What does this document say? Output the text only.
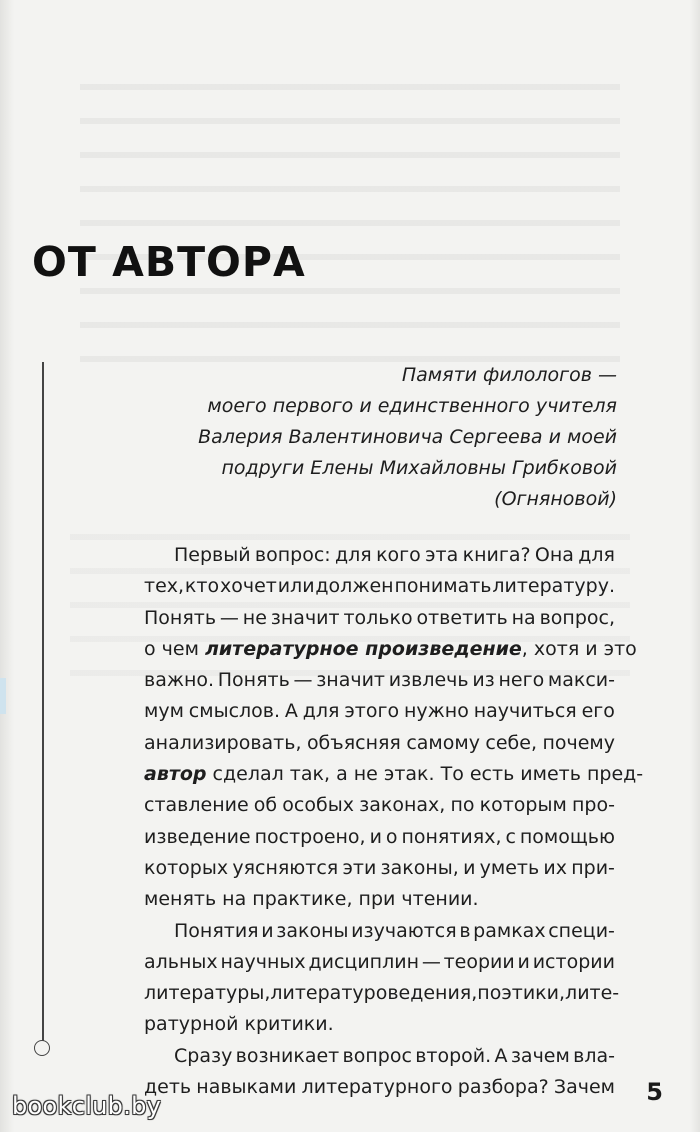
ОТ АВТОРА
Памяти филологов —
моего первого и единственного учителя
Валерия Валентиновича Сергеева и моей
подруги Елены Михайловны Грибковой
(Огняновой)
Первый вопрос: для кого эта книга? Она для
тех, кто хочет или должен понимать литературу.
Понять — не значит только ответить на вопрос,
о чем литературное произведение , хотя и это
важно. Понять — значит извлечь из него макси-
мум смыслов. А для этого нужно научиться его
анализировать, объясняя самому себе, почему
автор сделал так, а не этак. То есть иметь пред-
ставление об особых законах, по которым про-
изведение построено, и о понятиях, с помощью
которых уясняются эти законы, и уметь их при-
менять на практике, при чтении.
Понятия и законы изучаются в рамках специ-
альных научных дисциплин — теории и истории
литературы, литературоведения, поэтики, лите-
ратурной критики.
Сразу возникает вопрос второй. А зачем вла-
деть навыками литературного разбора? Зачем 5
bookclub.by
